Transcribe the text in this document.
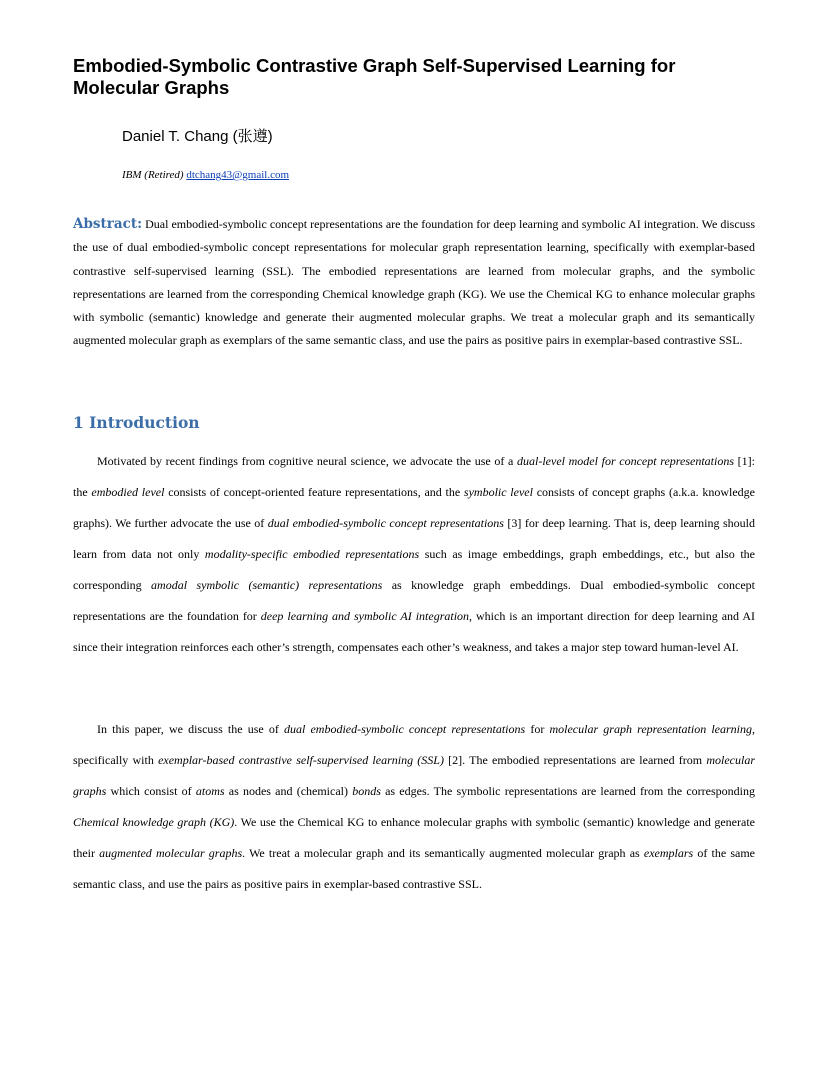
Embodied-Symbolic Contrastive Graph Self-Supervised Learning for Molecular Graphs
Daniel T. Chang (张遵)
IBM (Retired) dtchang43@gmail.com

Abstract: Dual embodied-symbolic concept representations are the foundation for deep learning and symbolic AI integration. We discuss the use of dual embodied-symbolic concept representations for molecular graph representation learning, specifically with exemplar-based contrastive self-supervised learning (SSL). The embodied representations are learned from molecular graphs, and the symbolic representations are learned from the corresponding Chemical knowledge graph (KG). We use the Chemical KG to enhance molecular graphs with symbolic (semantic) knowledge and generate their augmented molecular graphs. We treat a molecular graph and its semantically augmented molecular graph as exemplars of the same semantic class, and use the pairs as positive pairs in exemplar-based contrastive SSL.

1 Introduction

Motivated by recent findings from cognitive neural science, we advocate the use of a dual-level model for concept representations [1]: the embodied level consists of concept-oriented feature representations, and the symbolic level consists of concept graphs (a.k.a. knowledge graphs). We further advocate the use of dual embodied-symbolic concept representations [3] for deep learning. That is, deep learning should learn from data not only modality-specific embodied representations such as image embeddings, graph embeddings, etc., but also the corresponding amodal symbolic (semantic) representations as knowledge graph embeddings. Dual embodied-symbolic concept representations are the foundation for deep learning and symbolic AI integration, which is an important direction for deep learning and AI since their integration reinforces each other’s strength, compensates each other’s weakness, and takes a major step toward human-level AI.

In this paper, we discuss the use of dual embodied-symbolic concept representations for molecular graph representation learning, specifically with exemplar-based contrastive self-supervised learning (SSL) [2]. The embodied representations are learned from molecular graphs which consist of atoms as nodes and (chemical) bonds as edges. The symbolic representations are learned from the corresponding Chemical knowledge graph (KG). We use the Chemical KG to enhance molecular graphs with symbolic (semantic) knowledge and generate their augmented molecular graphs. We treat a molecular graph and its semantically augmented molecular graph as exemplars of the same semantic class, and use the pairs as positive pairs in exemplar-based contrastive SSL.
